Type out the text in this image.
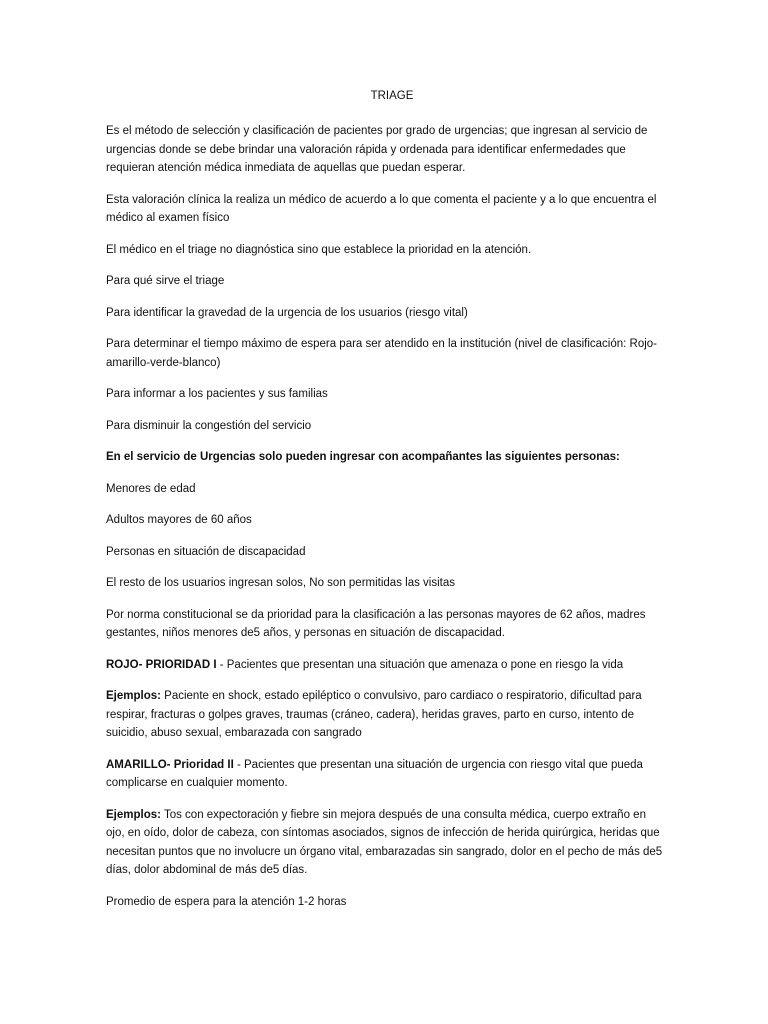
TRIAGE

Es el método de selección y clasificación de pacientes por grado de urgencias; que ingresan al servicio de urgencias donde se debe brindar una valoración rápida y ordenada para identificar enfermedades que requieran atención médica inmediata de aquellas que puedan esperar.

Esta valoración clínica la realiza un médico de acuerdo a lo que comenta el paciente y a lo que encuentra el médico al examen físico

El médico en el triage no diagnóstica sino que establece la prioridad en la atención.

Para qué sirve el triage

Para identificar la gravedad de la urgencia de los usuarios (riesgo vital)

Para determinar el tiempo máximo de espera para ser atendido en la institución (nivel de clasificación: Rojo-amarillo-verde-blanco)

Para informar a los pacientes y sus familias

Para disminuir la congestión del servicio

En el servicio de Urgencias solo pueden ingresar con acompañantes las siguientes personas:

Menores de edad

Adultos mayores de 60 años

Personas en situación de discapacidad

El resto de los usuarios ingresan solos, No son permitidas las visitas

Por norma constitucional se da prioridad para la clasificación a las personas mayores de 62 años, madres gestantes, niños menores de5 años, y personas en situación de discapacidad.

ROJO- PRIORIDAD I - Pacientes que presentan una situación que amenaza o pone en riesgo la vida

Ejemplos: Paciente en shock, estado epiléptico o convulsivo, paro cardiaco o respiratorio, dificultad para respirar, fracturas o golpes graves, traumas (cráneo, cadera), heridas graves, parto en curso, intento de suicidio, abuso sexual, embarazada con sangrado

AMARILLO- Prioridad II - Pacientes que presentan una situación de urgencia con riesgo vital que pueda complicarse en cualquier momento.

Ejemplos: Tos con expectoración y fiebre sin mejora después de una consulta médica, cuerpo extraño en ojo, en oído, dolor de cabeza, con síntomas asociados, signos de infección de herida quirúrgica, heridas que necesitan puntos que no involucre un órgano vital, embarazadas sin sangrado, dolor en el pecho de más de5 días, dolor abdominal de más de5 días.

Promedio de espera para la atención 1-2 horas
